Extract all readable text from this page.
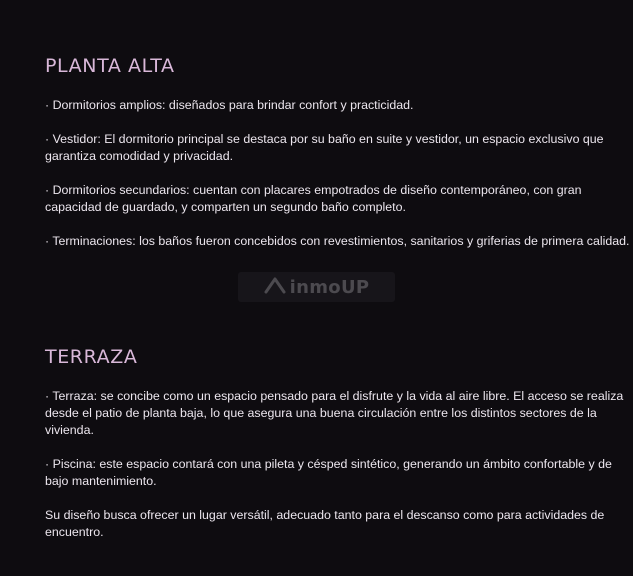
PLANTA ALTA

· Dormitorios amplios: diseñados para brindar confort y practicidad.

· Vestidor: El dormitorio principal se destaca por su baño en suite y vestidor, un espacio exclusivo que garantiza comodidad y privacidad.

· Dormitorios secundarios: cuentan con placares empotrados de diseño contemporáneo, con gran capacidad de guardado, y comparten un segundo baño completo.

· Terminaciones: los baños fueron concebidos con revestimientos, sanitarios y griferias de primera calidad.

inmoUP
TERRAZA

· Terraza: se concibe como un espacio pensado para el disfrute y la vida al aire libre. El acceso se realiza desde el patio de planta baja, lo que asegura una buena circulación entre los distintos sectores de la vivienda.

· Piscina: este espacio contará con una pileta y césped sintético, generando un ámbito confortable y de bajo mantenimiento.

Su diseño busca ofrecer un lugar versátil, adecuado tanto para el descanso como para actividades de encuentro.
